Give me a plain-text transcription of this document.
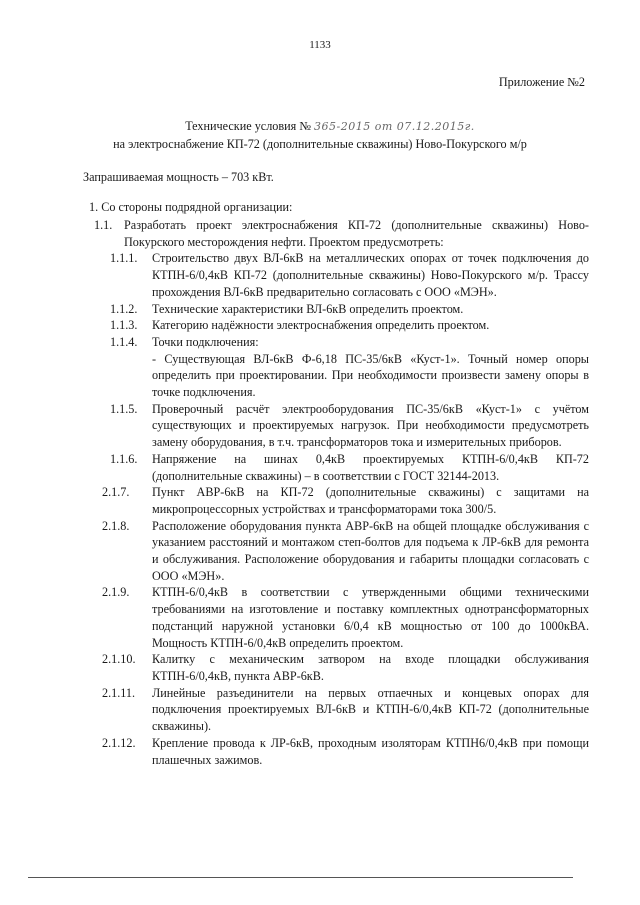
1133
Приложение №2
Технические условия № 365-2015 от 07.12.2015г.
на электроснабжение КП-72 (дополнительные скважины) Ново-Покурского м/р
Запрашиваемая мощность – 703 кВт.
1. Со стороны подрядной организации:
1.1. Разработать проект электроснабжения КП-72 (дополнительные скважины) Ново-Покурского месторождения нефти. Проектом предусмотреть:
1.1.1.	Строительство двух ВЛ-6кВ на металлических опорах от точек подключения до КТПН-6/0,4кВ КП-72 (дополнительные скважины) Ново-Покурского м/р. Трассу прохождения ВЛ-6кВ предварительно согласовать с ООО «МЭН».
1.1.2.	Технические характеристики ВЛ-6кВ определить проектом.
1.1.3.	Категорию надёжности электроснабжения определить проектом.
1.1.4.	Точки подключения:
- Существующая ВЛ-6кВ Ф-6,18 ПС-35/6кВ «Куст-1». Точный номер опоры определить при проектировании. При необходимости произвести замену опоры в точке подключения.
1.1.5.	Проверочный расчёт электрооборудования ПС-35/6кВ «Куст-1» с учётом существующих и проектируемых нагрузок. При необходимости предусмотреть замену оборудования, в т.ч. трансформаторов тока и измерительных приборов.
1.1.6.	Напряжение на шинах 0,4кВ проектируемых КТПН-6/0,4кВ КП-72 (дополнительные скважины) – в соответствии с ГОСТ 32144-2013.
2.1.7.	Пункт АВР-6кВ на КП-72 (дополнительные скважины) с защитами на микропроцессорных устройствах и трансформаторами тока 300/5.
2.1.8.	Расположение оборудования пункта АВР-6кВ на общей площадке обслуживания с указанием расстояний и монтажом степ-болтов для подъема к ЛР-6кВ для ремонта и обслуживания. Расположение оборудования и габариты площадки согласовать с ООО «МЭН».
2.1.9.	КТПН-6/0,4кВ в соответствии с утвержденными общими техническими требованиями на изготовление и поставку комплектных однотрансформаторных подстанций наружной установки 6/0,4 кВ мощностью от 100 до 1000кВА. Мощность КТПН-6/0,4кВ определить проектом.
2.1.10.	Калитку с механическим затвором на входе площадки обслуживания КТПН-6/0,4кВ, пункта АВР-6кВ.
2.1.11.	Линейные разъединители на первых отпаечных и концевых опорах для подключения проектируемых ВЛ-6кВ и КТПН-6/0,4кВ КП-72 (дополнительные скважины).
2.1.12.	Крепление провода к ЛР-6кВ, проходным изоляторам КТПН6/0,4кВ при помощи плашечных зажимов.
